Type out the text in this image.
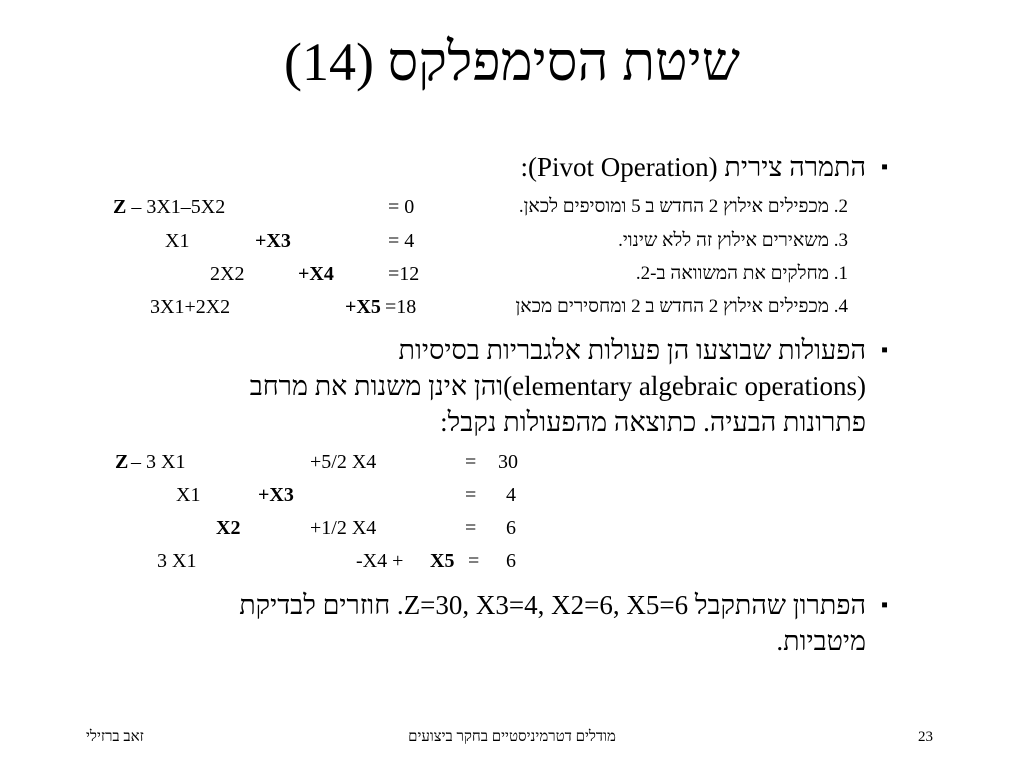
שיטת הסימפלקס (14)
▪
התמרה צירית (Pivot Operation):
Z – 3X1–5X2	= 0	2. מכפילים אילוץ 2 החדש ב 5 ומוסיפים לכאן.
X1	+X3	= 4	3. משאירים אילוץ זה ללא שינוי.
2X2	+X4	=12	1. מחלקים את המשוואה ב-2.
3X1+2X2	+X5 =18	4. מכפילים אילוץ 2 החדש ב 2 ומחסירים מכאן
▪
הפעולות שבוצעו הן פעולות אלגבריות בסיסיות
(elementary algebraic operations)והן אינן משנות את מרחב
פתרונות הבעיה. כתוצאה מהפעולות נקבל:
Z – 3 X1	+5/2 X4	= 30
X1	+X3	= 4
X2	+1/2 X4	= 6
3 X1	-X4 + X5 = 6
▪
הפתרון שהתקבל Z=30, X3=4, X2=6, X5=6. חוזרים לבדיקת
מיטביות.
23
מודלים דטרמיניסטיים בחקר ביצועים
זאב ברזילי
